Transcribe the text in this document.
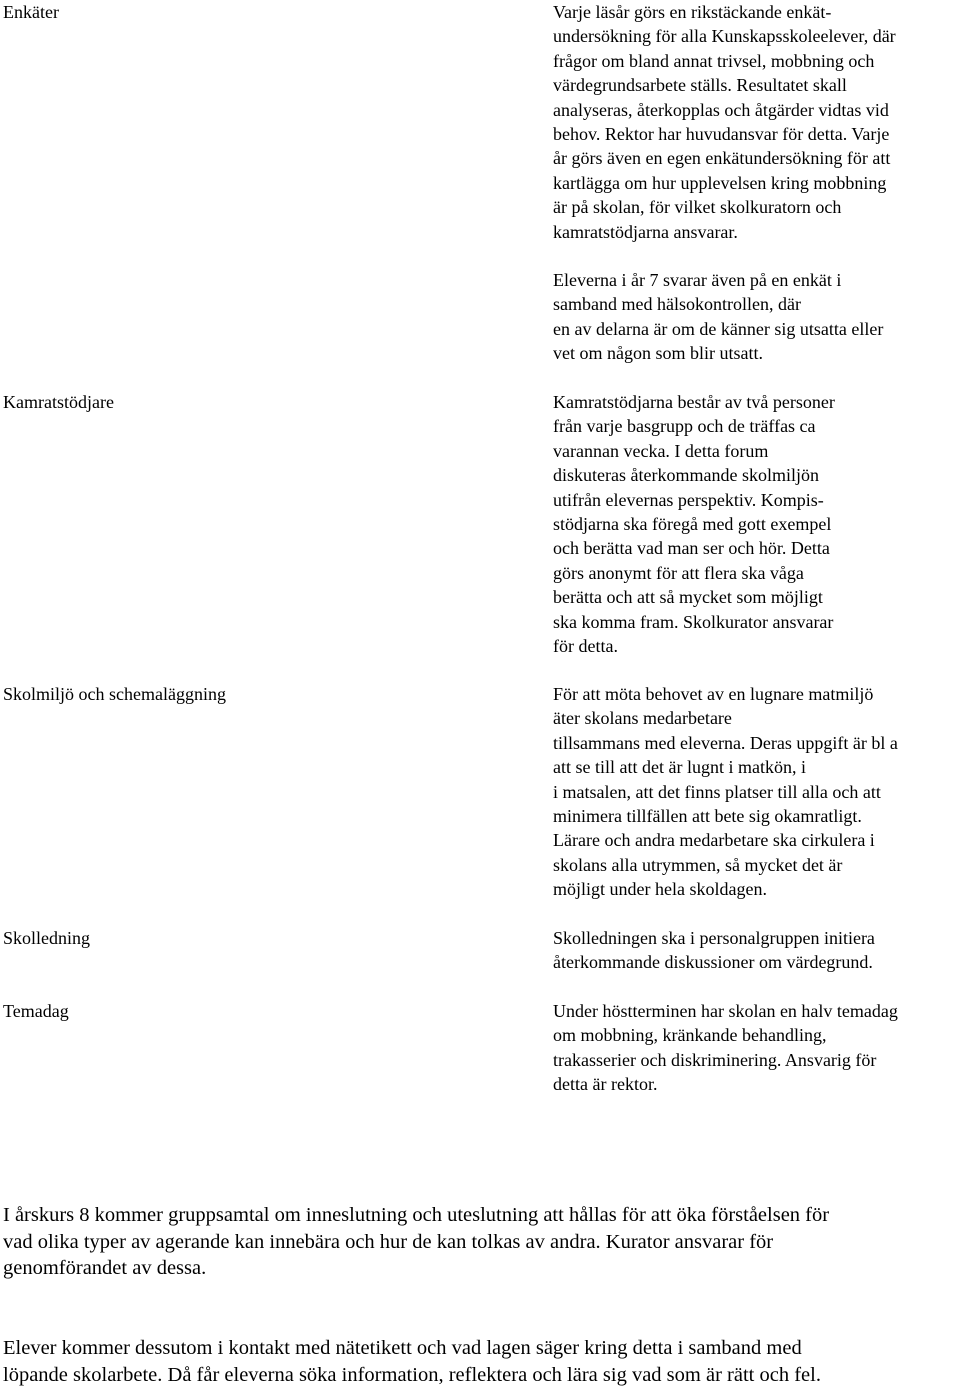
Enkäter
Kamratstödjare
Skolmiljö och schemaläggning
Skolledning
Temadag
Varje läsår görs en rikstäckande enkät-
undersökning för alla Kunskapsskoleelever, där
frågor om bland annat trivsel, mobbning och
värdegrundsarbete ställs. Resultatet skall
analyseras, återkopplas och åtgärder vidtas vid
behov. Rektor har huvudansvar för detta. Varje
år görs även en egen enkätundersökning för att
kartlägga om hur upplevelsen kring mobbning
är på skolan, för vilket skolkuratorn och
kamratstödjarna ansvarar.
Eleverna i år 7 svarar även på en enkät i
samband med hälsokontrollen, där
en av delarna är om de känner sig utsatta eller
vet om någon som blir utsatt.
Kamratstödjarna består av två personer
från varje basgrupp och de träffas ca
varannan vecka. I detta forum
diskuteras återkommande skolmiljön
utifrån elevernas perspektiv. Kompis-
stödjarna ska föregå med gott exempel
och berätta vad man ser och hör. Detta
görs anonymt för att flera ska våga
berätta och att så mycket som möjligt
ska komma fram. Skolkurator ansvarar
för detta.
För att möta behovet av en lugnare matmiljö
äter skolans medarbetare
tillsammans med eleverna. Deras uppgift är bl a
att se till att det är lugnt i matkön, i
i matsalen, att det finns platser till alla och att
minimera tillfällen att bete sig okamratligt.
Lärare och andra medarbetare ska cirkulera i
skolans alla utrymmen, så mycket det är
möjligt under hela skoldagen.
Skolledningen ska i personalgruppen initiera
återkommande diskussioner om värdegrund.
Under höstterminen har skolan en halv temadag
om mobbning, kränkande behandling,
trakasserier och diskriminering. Ansvarig för
detta är rektor.
I årskurs 8 kommer gruppsamtal om inneslutning och uteslutning att hållas för att öka förståelsen för
vad olika typer av agerande kan innebära och hur de kan tolkas av andra. Kurator ansvarar för
genomförandet av dessa.
Elever kommer dessutom i kontakt med nätetikett och vad lagen säger kring detta i samband med
löpande skolarbete. Då får eleverna söka information, reflektera och lära sig vad som är rätt och fel.
